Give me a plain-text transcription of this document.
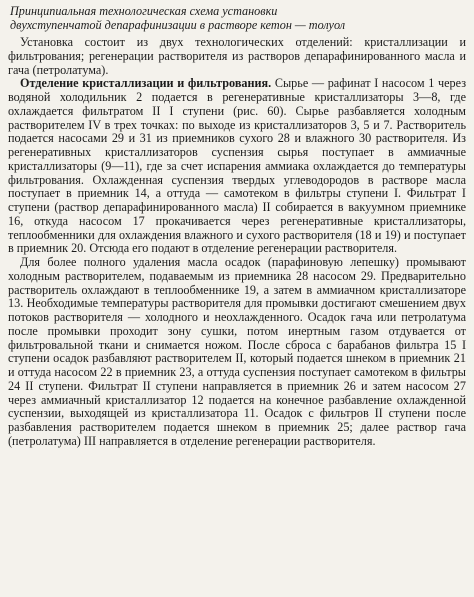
Принципиальная технологическая схема установки
двухступенчатой депарафинизации в растворе кетон — толуол

Установка состоит из двух технологических отделений: кристаллизации и фильтрования; регенерации растворителя из растворов депарафинированного масла и гача (петролатума).

Отделение кристаллизации и фильтрования. Сырье — рафинат I насосом 1 через водяной холодильник 2 подается в регенеративные кристаллизаторы 3—8, где охлаждается фильтратом II I ступени (рис. 60). Сырье разбавляется холодным растворителем IV в трех точках: по выходе из кристаллизаторов 3, 5 и 7. Растворитель подается насосами 29 и 31 из приемников сухого 28 и влажного 30 растворителя. Из регенеративных кристаллизаторов суспензия сырья поступает в аммиачные кристаллизаторы (9—11), где за счет испарения аммиака охлаждается до температуры фильтрования. Охлажденная суспензия твердых углеводородов в растворе масла поступает в приемник 14, а оттуда — самотеком в фильтры ступени I. Фильтрат I ступени (раствор депарафинированного масла) II собирается в вакуумном приемнике 16, откуда насосом 17 прокачивается через регенеративные кристаллизаторы, теплообменники для охлаждения влажного и сухого растворителя (18 и 19) и поступает в приемник 20. Отсюда его подают в отделение регенерации растворителя.

Для более полного удаления масла осадок (парафиновую лепешку) промывают холодным растворителем, подаваемым из приемника 28 насосом 29. Предварительно растворитель охлаждают в теплообменнике 19, а затем в аммиачном кристаллизаторе 13. Необходимые температуры растворителя для промывки достигают смешением двух потоков растворителя — холодного и неохлажденного. Осадок гача или петролатума после промывки проходит зону сушки, потом инертным газом отдувается от фильтровальной ткани и снимается ножом. После сброса с барабанов фильтра 15 I ступени осадок разбавляют растворителем II, который подается шнеком в приемник 21 и оттуда насосом 22 в приемник 23, а оттуда суспензия поступает самотеком в фильтры 24 II ступени. Фильтрат II ступени направляется в приемник 26 и затем насосом 27 через аммиачный кристаллизатор 12 подается на конечное разбавление охлажденной суспензии, выходящей из кристаллизатора 11. Осадок с фильтров II ступени после разбавления растворителем подается шнеком в приемник 25; далее раствор гача (петролатума) III направляется в отделение регенерации растворителя.
